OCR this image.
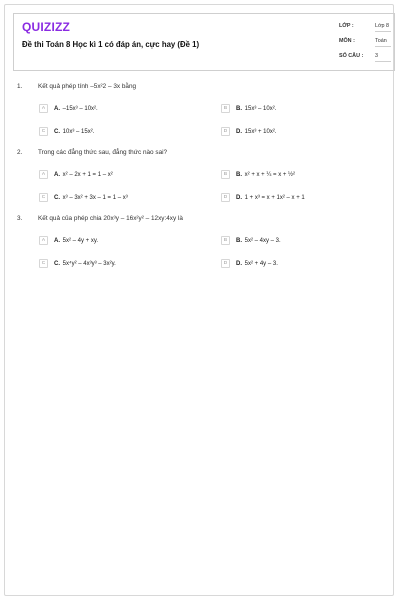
QUIZIZZ
Đề thi Toán 8 Học kì 1 có đáp án, cực hay (Đề 1)
LỚP :	Lớp 8
MÔN :	Toán
SỐ CÂU : 3
1. Kết quả phép tính –5x²2 – 3x bằng
A	A. –15x³ – 10x².	B	B. 15x³ – 10x².
C	C. 10x³ – 15x².	D	D. 15x³ + 10x².
2. Trong các đẳng thức sau, đẳng thức nào sai?
A	A. x² – 2x + 1 = 1 – x²	B	B. x² + x + ¼ = x + ½²
C	C. x³ – 3x² + 3x – 1 = 1 – x³	D	D. 1 + x³ = x + 1x² – x + 1
3. Kết quả của phép chia 20x³y – 16x²y² – 12xy:4xy là
A	A. 5x² – 4y + xy.	B	B. 5x² – 4xy – 3.
C	C. 5x⁴y² – 4x³y³ – 3x²y.	D	D. 5x² + 4y – 3.
